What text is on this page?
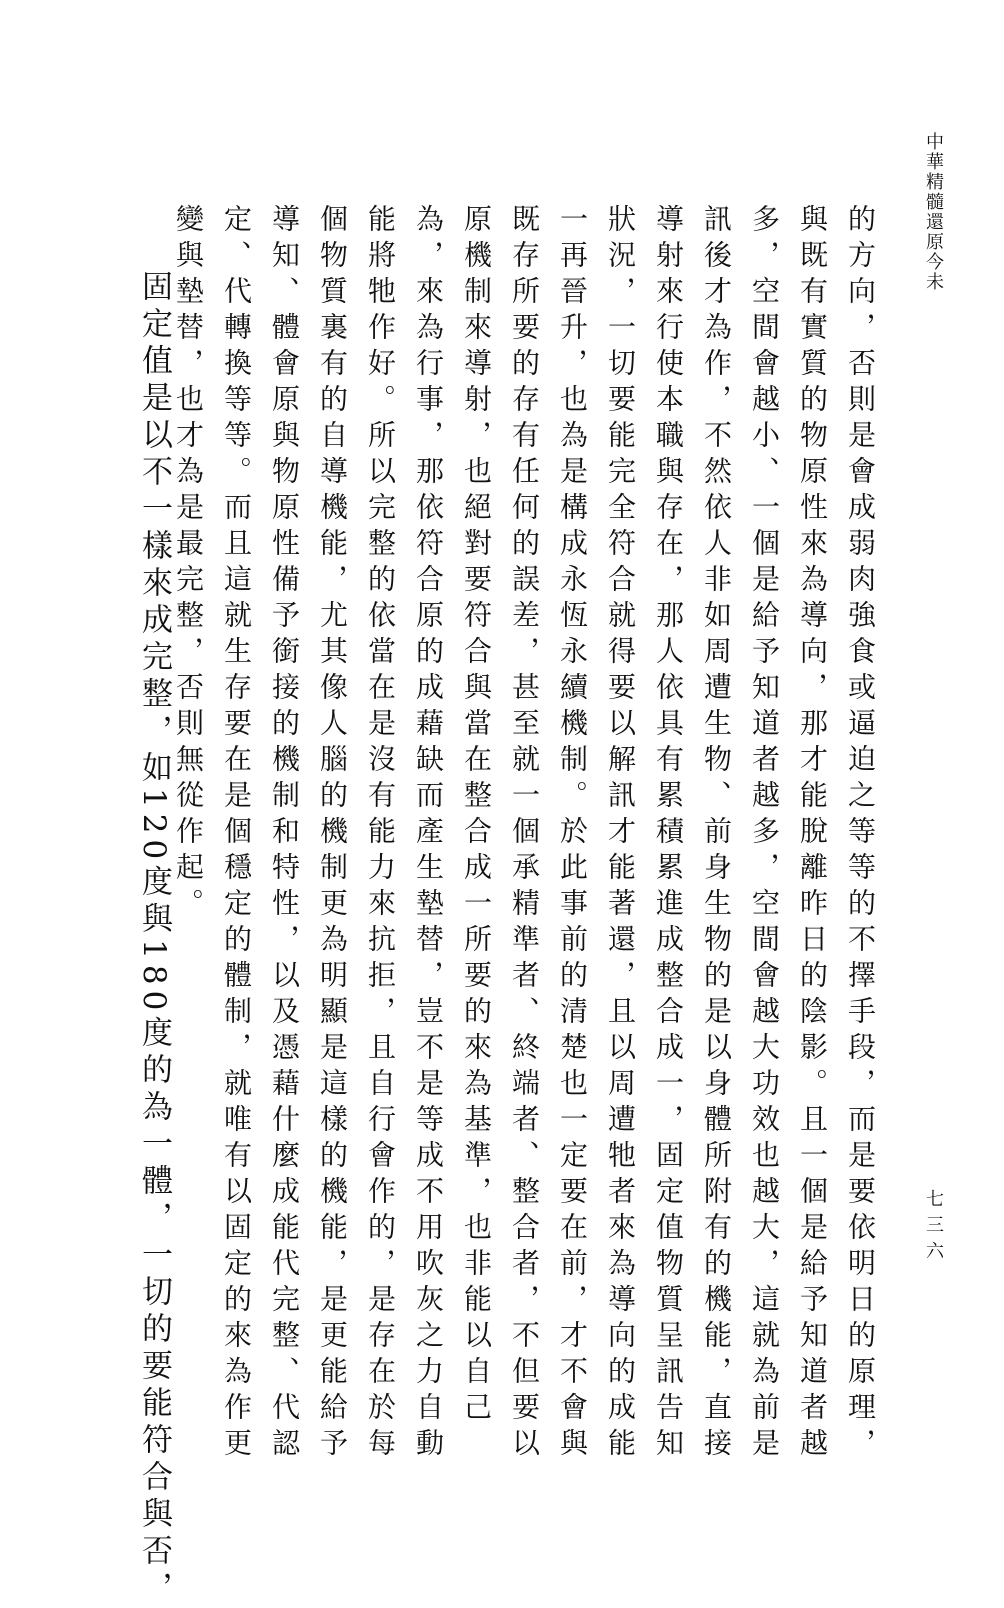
中華精髓還原今未
的方向，否則是會成弱肉強食或逼迫之等等的不擇手段，而是要依明日的原理，
與既有實質的物原性來為導向，那才能脫離昨日的陰影。且一個是給予知道者越
多，空間會越小、一個是給予知道者越多，空間會越大功效也越大，這就為前是
訊後才為作，不然依人非如周遭生物、前身生物的是以身體所附有的機能，直接
導射來行使本職與存在，那人依具有累積累進成整合成一，固定值物質呈訊告知
狀況，一切要能完全符合就得要以解訊才能著還，且以周遭牠者來為導向的成能
一再晉升，也為是構成永恆永續機制。於此事前的清楚也一定要在前，才不會與
既存所要的存有任何的誤差，甚至就一個承精準者、終端者、整合者，不但要以
原機制來導射，也絕對要符合與當在整合成一所要的來為基準，也非能以自己
為，來為行事，那依符合原的成藉缺而產生墊替，豈不是等成不用吹灰之力自動
能將牠作好。所以完整的依當在是沒有能力來抗拒，且自行會作的，是存在於每
個物質裏有的自導機能，尤其像人腦的機制更為明顯是這樣的機能，是更能給予
導知、體會原與物原性備予銜接的機制和特性，以及憑藉什麼成能代完整、代認
定、代轉換等等。而且這就生存要在是個穩定的體制，就唯有以固定的來為作更
變與墊替，也才為是最完整，否則無從作起。
固定值是以不一樣來成完整，如120度與180度的為一體，一切的要能符合與否，	七三六
